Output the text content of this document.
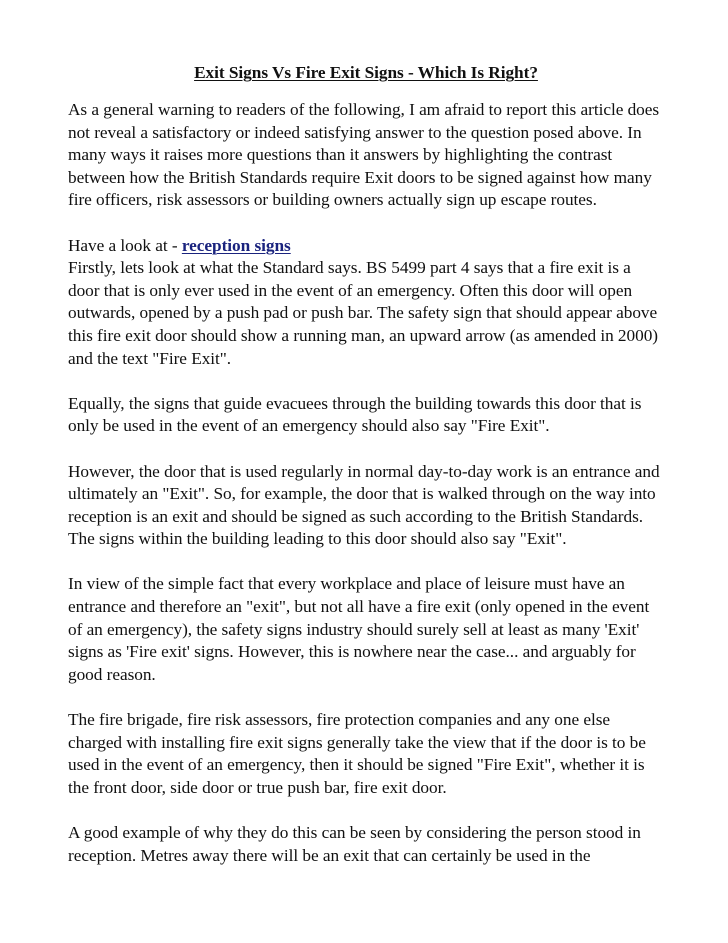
Exit Signs Vs Fire Exit Signs - Which Is Right?

As a general warning to readers of the following, I am afraid to report this article does not reveal a satisfactory or indeed satisfying answer to the question posed above. In many ways it raises more questions than it answers by highlighting the contrast between how the British Standards require Exit doors to be signed against how many fire officers, risk assessors or building owners actually sign up escape routes.

Have a look at - reception signs

Firstly, lets look at what the Standard says. BS 5499 part 4 says that a fire exit is a door that is only ever used in the event of an emergency. Often this door will open outwards, opened by a push pad or push bar. The safety sign that should appear above this fire exit door should show a running man, an upward arrow (as amended in 2000) and the text "Fire Exit".

Equally, the signs that guide evacuees through the building towards this door that is only be used in the event of an emergency should also say "Fire Exit".

However, the door that is used regularly in normal day-to-day work is an entrance and ultimately an "Exit". So, for example, the door that is walked through on the way into reception is an exit and should be signed as such according to the British Standards. The signs within the building leading to this door should also say "Exit".

In view of the simple fact that every workplace and place of leisure must have an entrance and therefore an "exit", but not all have a fire exit (only opened in the event of an emergency), the safety signs industry should surely sell at least as many 'Exit' signs as 'Fire exit' signs. However, this is nowhere near the case... and arguably for good reason.

The fire brigade, fire risk assessors, fire protection companies and any one else charged with installing fire exit signs generally take the view that if the door is to be used in the event of an emergency, then it should be signed "Fire Exit", whether it is the front door, side door or true push bar, fire exit door.

A good example of why they do this can be seen by considering the person stood in reception. Metres away there will be an exit that can certainly be used in the
